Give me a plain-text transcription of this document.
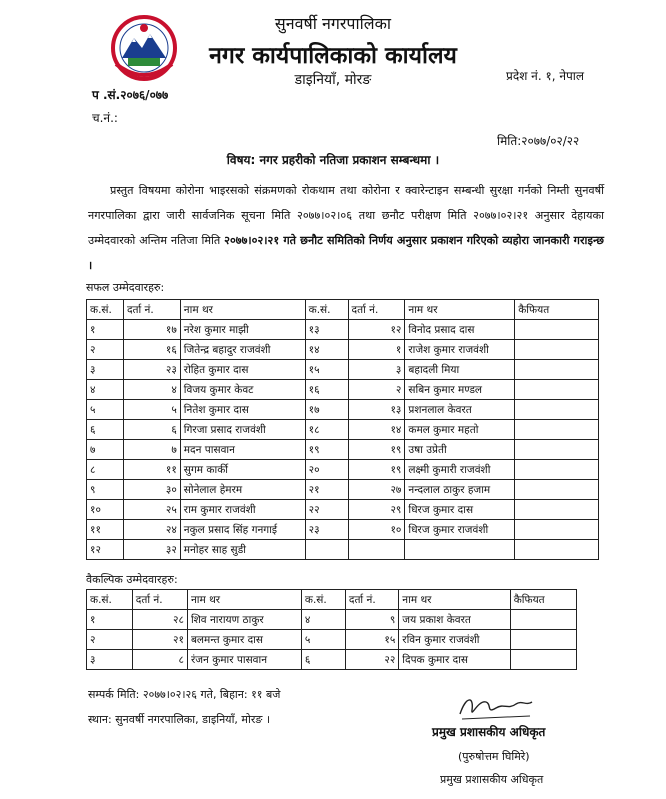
सुनवर्षी नगरपालिका
नगर कार्यपालिकाको कार्यालय
डाइनियाँ, मोरङ	प्रदेश नं. १, नेपाल
प .सं.२०७६/०७७
च.नं.:
मिति:२०७७/०२/२२
विषय: नगर प्रहरीको नतिजा प्रकाशन सम्बन्धमा ।
प्रस्तुत विषयमा कोरोना भाइरसको संक्रमणको रोकथाम तथा कोरोना र क्वारेन्टाइन सम्बन्धी सुरक्षा गर्नको निम्ती सुनवर्षी नगरपालिका द्वारा जारी सार्वजनिक सूचना मिति २०७७।०२।०६ तथा छनौट परीक्षण मिति २०७७।०२।२१ अनुसार देहायका उम्मेदवारको अन्तिम नतिजा मिति २०७७।०२।२१ गते छनौट समितिको निर्णय अनुसार प्रकाशन गरिएको व्यहोरा जानकारी गराइन्छ ।
सफल उम्मेदवारहरु:
क.सं.	दर्ता नं.	नाम थर	क.सं.	दर्ता नं.	नाम थर	कैफियत
१	१७	नरेश कुमार माझी	१३	१२	विनोद प्रसाद दास	
२	१६	जितेन्द्र बहादुर राजवंशी	१४	१	राजेश कुमार राजवंशी	
३	२३	रोहित कुमार दास	१५	३	बहादली मिया	
४	४	विजय कुमार केवट	१६	२	सबिन कुमार मण्डल	
५	५	नितेश कुमार दास	१७	१३	प्रशनलाल केवरत	
६	६	गिरजा प्रसाद राजवंशी	१८	१४	कमल कुमार महतो	
७	७	मदन पासवान	१९	१९	उषा उप्रेती	
८	११	सुगम कार्की	२०	१९	लक्ष्मी कुमारी राजवंशी	
९	३०	सोनेलाल हेमरम	२१	२७	नन्दलाल ठाकुर हजाम	
१०	२५	राम कुमार राजवंशी	२२	२९	धिरज कुमार दास	
११	२४	नकुल प्रसाद सिंह गनगाई	२३	१०	धिरज कुमार राजवंशी	
१२	३२	मनोहर साह सुडी				
वैकल्पिक उम्मेदवारहरु:
क.सं.	दर्ता नं.	नाम थर	क.सं.	दर्ता नं.	नाम थर	कैफियत
१	२८	शिव नारायण ठाकुर	४	९	जय प्रकाश केवरत	
२	२१	बलमन्त कुमार दास	५	१५	रविन कुमार राजवंशी	
३	८	रंजन कुमार पासवान	६	२२	दिपक कुमार दास	
सम्पर्क मिति: २०७७।०२।२६ गते, बिहान: ११ बजे
स्थान: सुनवर्षी नगरपालिका, डाइनियाँ, मोरङ ।
प्रमुख प्रशासकीय अधिकृत
(पुरुषोत्तम घिमिरे)
प्रमुख प्रशासकीय अधिकृत
